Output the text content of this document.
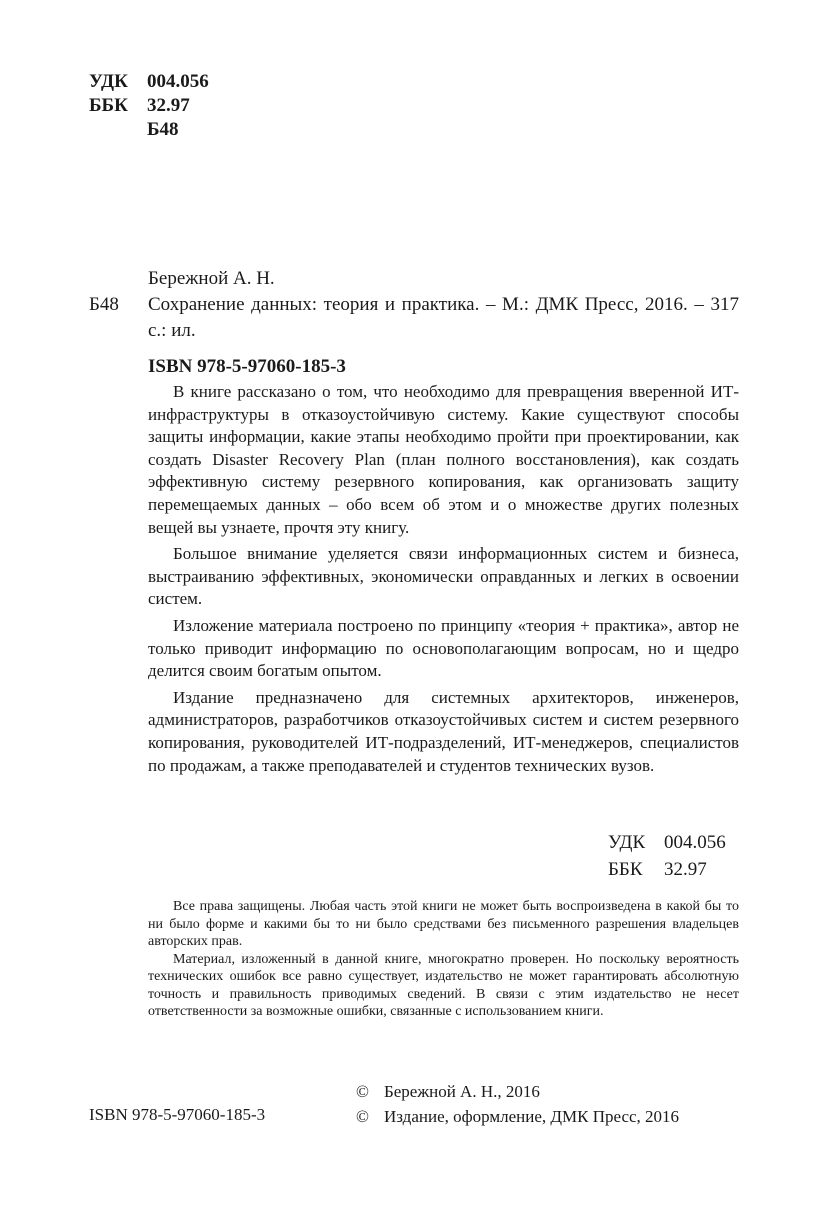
УДК	004.056
ББК	32.97
Б48
Бережной А. Н.
Б48	Сохранение данных: теория и практика. – М.: ДМК Пресс, 2016. – 317 с.: ил.
ISBN 978-5-97060-185-3

В книге рассказано о том, что необходимо для превращения вверенной ИТ-инфраструктуры в отказоустойчивую систему. Какие существуют способы защиты информации, какие этапы необходимо пройти при проектировании, как создать Disaster Recovery Plan (план полного восстановления), как создать эффективную систему резервного копирования, как организовать защиту перемещаемых данных – обо всем об этом и о множестве других полезных вещей вы узнаете, прочтя эту книгу.

Большое внимание уделяется связи информационных систем и бизнеса, выстраиванию эффективных, экономически оправданных и легких в освоении систем.

Изложение материала построено по принципу «теория + практика», автор не только приводит информацию по основополагающим вопросам, но и щедро делится своим богатым опытом.

Издание предназначено для системных архитекторов, инженеров, администраторов, разработчиков отказоустойчивых систем и систем резервного копирования, руководителей ИТ-подразделений, ИТ-менеджеров, специалистов по продажам, а также преподавателей и студентов технических вузов.

УДК 004.056
ББК	32.97

Все права защищены. Любая часть этой книги не может быть воспроизведена в какой бы то ни было форме и какими бы то ни было средствами без письменного разрешения владельцев авторских прав.

Материал, изложенный в данной книге, многократно проверен. Но поскольку вероятность технических ошибок все равно существует, издательство не может гарантировать абсолютную точность и правильность приводимых сведений. В связи с этим издательство не несет ответственности за возможные ошибки, связанные с использованием книги.

ISBN 978-5-97060-185-3
© Бережной А. Н., 2016
© Издание, оформление, ДМК Пресс, 2016
